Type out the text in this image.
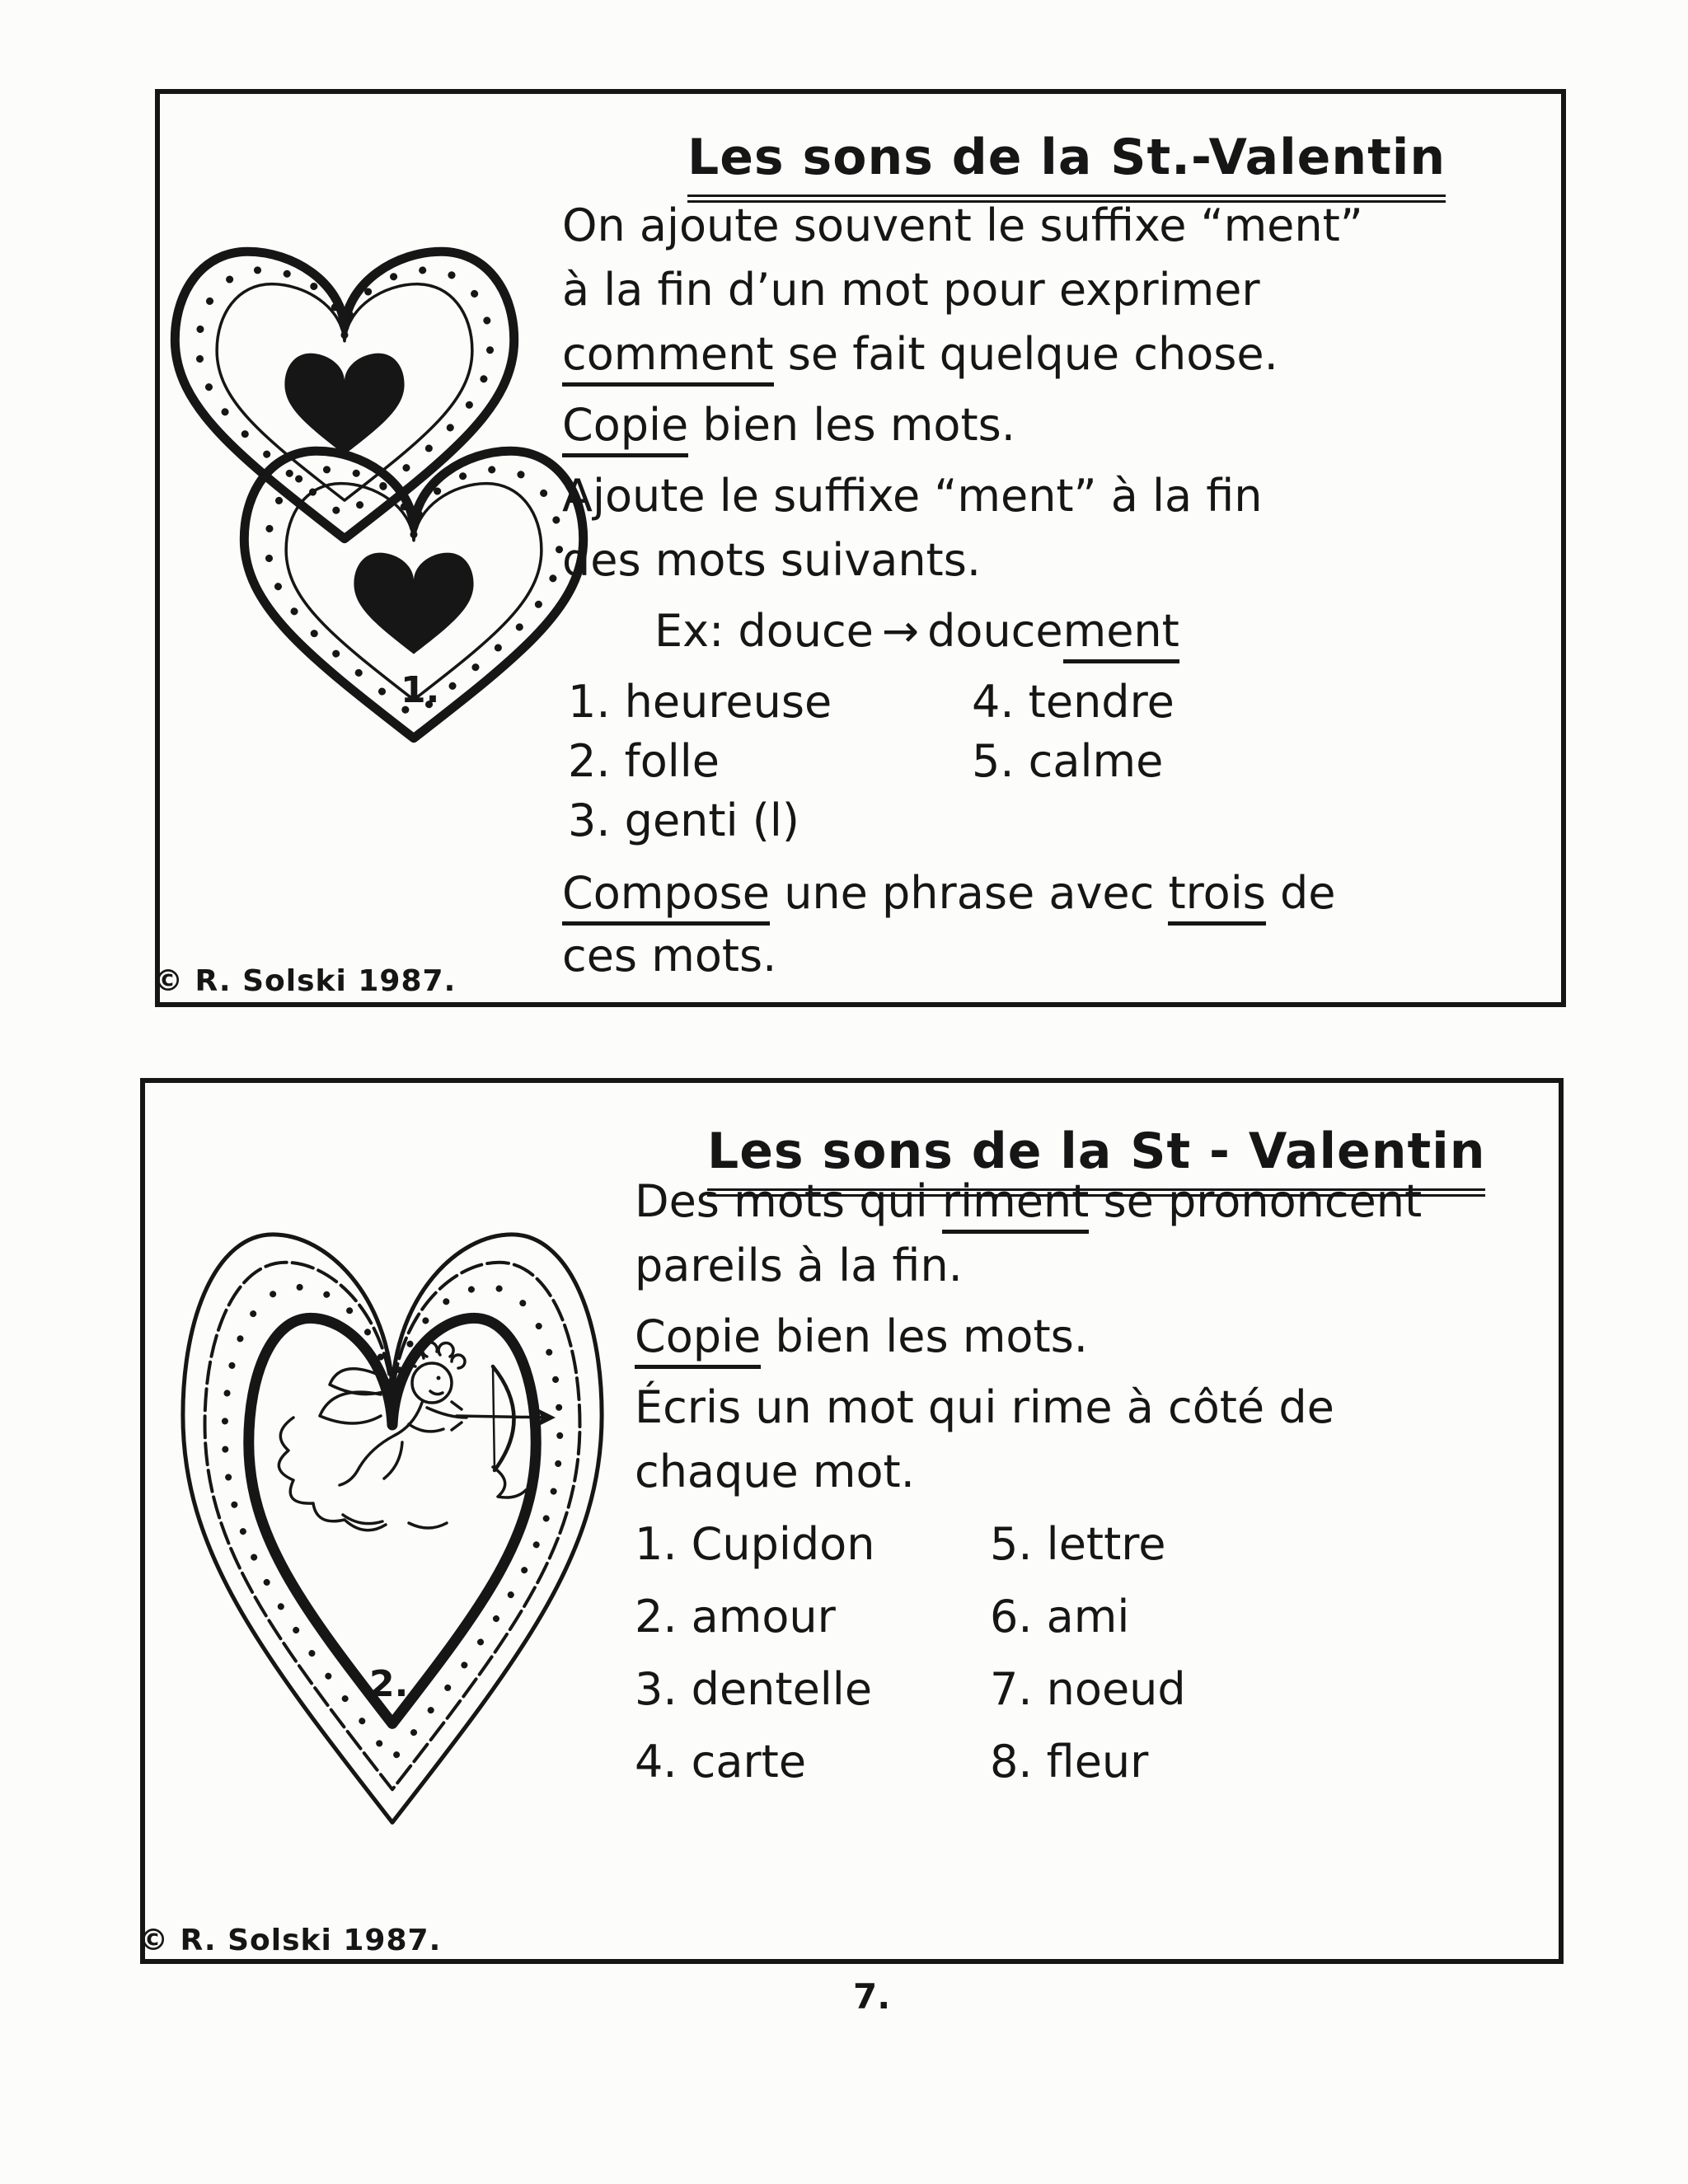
1.
Les sons de la St.-Valentin
On ajoute souvent le suffixe “ment”
à la fin d’un mot pour exprimer
comment se fait quelque chose.
Copie bien les mots.
Ajoute le suffixe “ment” à la fin
des mots suivants.
Ex: douce → doucement
1. heureuse	4. tendre
2. folle	5. calme
3. genti (l)
Compose une phrase avec trois de
ces mots.
© R. Solski 1987.
2.
Les sons de la St - Valentin
Des mots qui riment se prononcent
pareils à la fin.
Copie bien les mots.
Écris un mot qui rime à côté de
chaque mot.
1. Cupidon	5. lettre
2. amour	6. ami
3. dentelle	7. noeud
4. carte	8. fleur
© R. Solski 1987.
7.
